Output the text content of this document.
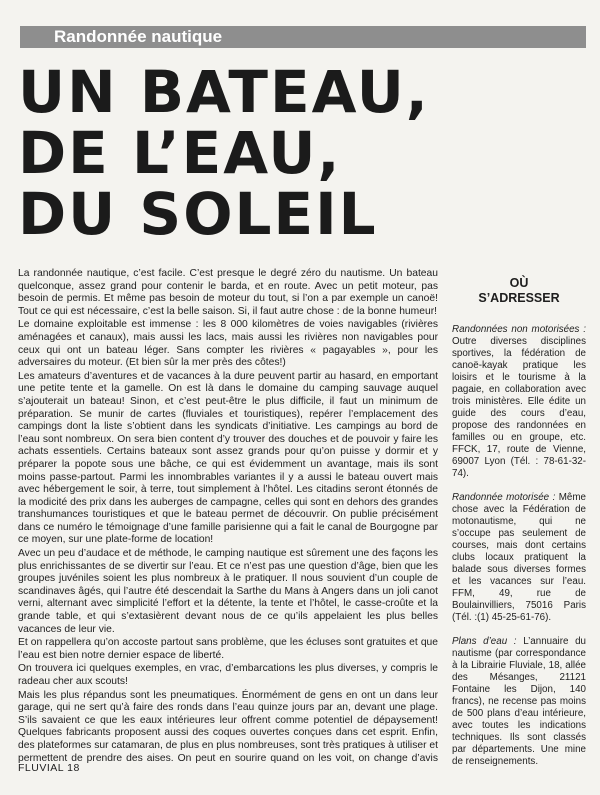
Randonnée nautique
UN BATEAU,
DE L’EAU,
DU SOLEIL

La randonnée nautique, c’est facile. C’est presque le degré zéro du nautisme. Un bateau quelconque, assez grand pour contenir le barda, et en route. Avec un petit moteur, pas besoin de permis. Et même pas besoin de moteur du tout, si l’on a par exemple un canoë! Tout ce qui est nécessaire, c’est la belle saison. Si, il faut autre chose : de la bonne humeur!

Le domaine exploitable est immense : les 8 000 kilomètres de voies navigables (rivières aménagées et canaux), mais aussi les lacs, mais aussi les rivières non navigables pour ceux qui ont un bateau léger. Sans compter les rivières « pagayables », pour les adversaires du moteur. (Et bien sûr la mer près des côtes!)

Les amateurs d’aventures et de vacances à la dure peuvent partir au hasard, en emportant une petite tente et la gamelle. On est là dans le domaine du camping sauvage auquel s’ajouterait un bateau! Sinon, et c’est peut-être le plus difficile, il faut un minimum de préparation. Se munir de cartes (fluviales et touristiques), repérer l’emplacement des campings dont la liste s’obtient dans les syndicats d’initiative. Les campings au bord de l’eau sont nombreux. On sera bien content d’y trouver des douches et de pouvoir y faire les achats essentiels. Certains bateaux sont assez grands pour qu’on puisse y dormir et y préparer la popote sous une bâche, ce qui est évidemment un avantage, mais ils sont moins passe-partout. Parmi les innombrables variantes il y a aussi le bateau ouvert mais avec hébergement le soir, à terre, tout simplement à l’hôtel. Les citadins seront étonnés de la modicité des prix dans les auberges de campagne, celles qui sont en dehors des grandes transhumances touristiques et que le bateau permet de découvrir. On publie précisément dans ce numéro le témoignage d’une famille parisienne qui a fait le canal de Bourgogne par ce moyen, sur une plate-forme de location!

Avec un peu d’audace et de méthode, le camping nautique est sûrement une des façons les plus enrichissantes de se divertir sur l’eau. Et ce n’est pas une question d’âge, bien que les groupes juvéniles soient les plus nombreux à le pratiquer. Il nous souvient d’un couple de scandinaves âgés, qui l’autre été descendait la Sarthe du Mans à Angers dans un joli canot verni, alternant avec simplicité l’effort et la détente, la tente et l’hôtel, le casse-croûte et la grande table, et qui s’extasièrent devant nous de ce qu’ils appelaient les plus belles vacances de leur vie.

Et on rappellera qu’on accoste partout sans problème, que les écluses sont gratuites et que l’eau est bien notre dernier espace de liberté.

On trouvera ici quelques exemples, en vrac, d’embarcations les plus diverses, y compris le radeau cher aux scouts!

Mais les plus répandus sont les pneumatiques. Énormément de gens en ont un dans leur garage, qui ne sert qu’à faire des ronds dans l’eau quinze jours par an, devant une plage. S’ils savaient ce que les eaux intérieures leur offrent comme potentiel de dépaysement! Quelques fabricants proposent aussi des coques ouvertes conçues dans cet esprit. Enfin, des plateformes sur catamaran, de plus en plus nombreuses, sont très pratiques à utiliser et permettent de prendre des aises. On peut en sourire quand on les voit, on change d’avis

OÙ
S’ADRESSER

Randonnées non motorisées : Outre diverses disciplines sportives, la fédération de canoë-kayak pratique les loisirs et le tourisme à la pagaie, en collaboration avec trois ministères. Elle édite un guide des cours d’eau, propose des randonnées en familles ou en groupe, etc. FFCK, 17, route de Vienne, 69007 Lyon (Tél. : 78-61-32-74).

Randonnée motorisée : Même chose avec la Fédération de motonautisme, qui ne s’occupe pas seulement de courses, mais dont certains clubs locaux pratiquent la balade sous diverses formes et les vacances sur l’eau. FFM, 49, rue de Boulainvilliers, 75016 Paris (Tél. :(1) 45-25-61-76).

Plans d’eau : L’annuaire du nautisme (par correspondance à la Librairie Fluviale, 18, allée des Mésanges, 21121 Fontaine les Dijon, 140 francs), ne recense pas moins de 500 plans d’eau intérieure, avec toutes les indications techniques. Ils sont classés par départements. Une mine de renseignements.

FLUVIAL 18
